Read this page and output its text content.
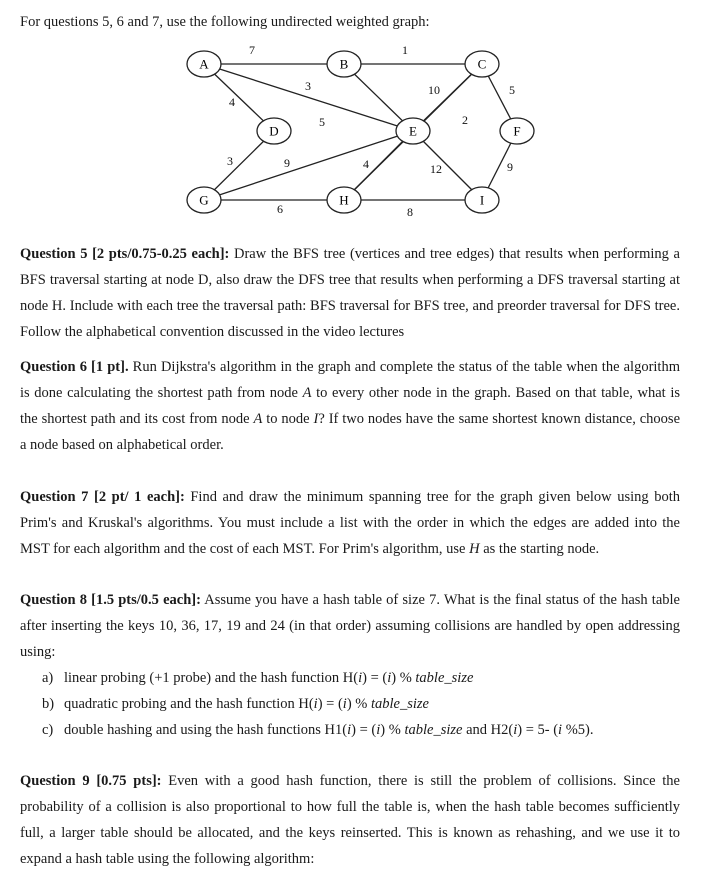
For questions 5, 6 and 7, use the following undirected weighted graph:
7	1
4
3
5
10	5
12	9
9	4
2
3
6	8
A	B	C
D	E	F
G	H	I
Question 5 [2 pts/0.75-0.25 each]: Draw the BFS tree (vertices and tree edges) that results when performing a BFS traversal starting at node D, also draw the DFS tree that results when performing a DFS traversal starting at node H. Include with each tree the traversal path: BFS traversal for BFS tree, and preorder traversal for DFS tree. Follow the alphabetical convention discussed in the video lectures
Question 6 [1 pt]. Run Dijkstra's algorithm in the graph and complete the status of the table when the algorithm is done calculating the shortest path from node A to every other node in the graph. Based on that table, what is the shortest path and its cost from node A to node I? If two nodes have the same shortest known distance, choose a node based on alphabetical order.
Question 7 [2 pt/ 1 each]: Find and draw the minimum spanning tree for the graph given below using both Prim's and Kruskal's algorithms. You must include a list with the order in which the edges are added into the MST for each algorithm and the cost of each MST. For Prim's algorithm, use H as the starting node.
Question 8 [1.5 pts/0.5 each]: Assume you have a hash table of size 7. What is the final status of the hash table after inserting the keys 10, 36, 17, 19 and 24 (in that order) assuming collisions are handled by open addressing using:
a) linear probing (+1 probe) and the hash function H(i) = (i) % table_size
b) quadratic probing and the hash function H(i) = (i) % table_size
c) double hashing and using the hash functions H1(i) = (i) % table_size and H2(i) = 5- (i %5).
Question 9 [0.75 pts]: Even with a good hash function, there is still the problem of collisions. Since the probability of a collision is also proportional to how full the table is, when the hash table becomes sufficiently full, a larger table should be allocated, and the keys reinserted. This is known as rehashing, and we use it to expand a hash table using the following algorithm:
